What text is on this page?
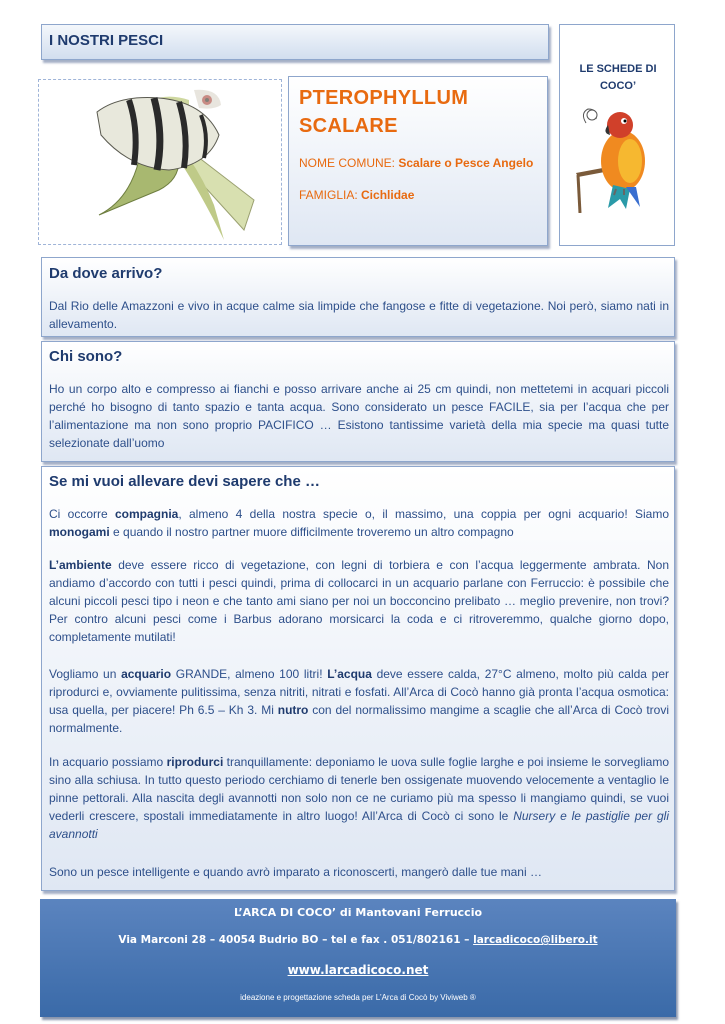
I NOSTRI PESCI
PTEROPHYLLUM
SCALARE
NOME COMUNE: Scalare o Pesce Angelo
FAMIGLIA: Cichlidae
LE SCHEDE DI
COCO’
Da dove arrivo?
Dal Rio delle Amazzoni e vivo in acque calme sia limpide che fangose e fitte di vegetazione. Noi però, siamo nati in allevamento.
Chi sono?
Ho un corpo alto e compresso ai fianchi e posso arrivare anche ai 25 cm quindi, non mettetemi in acquari piccoli perché ho bisogno di tanto spazio e tanta acqua. Sono considerato un pesce FACILE, sia per l’acqua che per l’alimentazione ma non sono proprio PACIFICO … Esistono tantissime varietà della mia specie ma quasi tutte selezionate dall’uomo
Se mi vuoi allevare devi sapere che …
Ci occorre compagnia, almeno 4 della nostra specie o, il massimo, una coppia per ogni acquario! Siamo monogami e quando il nostro partner muore difficilmente troveremo un altro compagno
L’ambiente deve essere ricco di vegetazione, con legni di torbiera e con l’acqua leggermente ambrata. Non andiamo d’accordo con tutti i pesci quindi, prima di collocarci in un acquario parlane con Ferruccio: è possibile che alcuni piccoli pesci tipo i neon e che tanto ami siano per noi un bocconcino prelibato … meglio prevenire, non trovi? Per contro alcuni pesci come i Barbus adorano morsicarci la coda e ci ritroveremmo, qualche giorno dopo, completamente mutilati!
Vogliamo un acquario GRANDE, almeno 100 litri! L’acqua deve essere calda, 27°C almeno, molto più calda per riprodurci e, ovviamente pulitissima, senza nitriti, nitrati e fosfati. All’Arca di Cocò hanno già pronta l’acqua osmotica: usa quella, per piacere! Ph 6.5 – Kh 3. Mi nutro con del normalissimo mangime a scaglie che all’Arca di Cocò trovi normalmente.
In acquario possiamo riprodurci tranquillamente: deponiamo le uova sulle foglie larghe e poi insieme le sorvegliamo sino alla schiusa. In tutto questo periodo cerchiamo di tenerle ben ossigenate muovendo velocemente a ventaglio le pinne pettorali. Alla nascita degli avannotti non solo non ce ne curiamo più ma spesso li mangiamo quindi, se vuoi vederli crescere, spostali immediatamente in altro luogo! All’Arca di Cocò ci sono le Nursery e le pastiglie per gli avannotti
Sono un pesce intelligente e quando avrò imparato a riconoscerti, mangerò dalle tue mani …
L’ARCA DI COCO’ di Mantovani Ferruccio
Via Marconi 28 – 40054 Budrio BO – tel e fax . 051/802161 – larcadicoco@libero.it
www.larcadicoco.net
ideazione e progettazione scheda per L’Arca di Cocò by Viviweb ®
